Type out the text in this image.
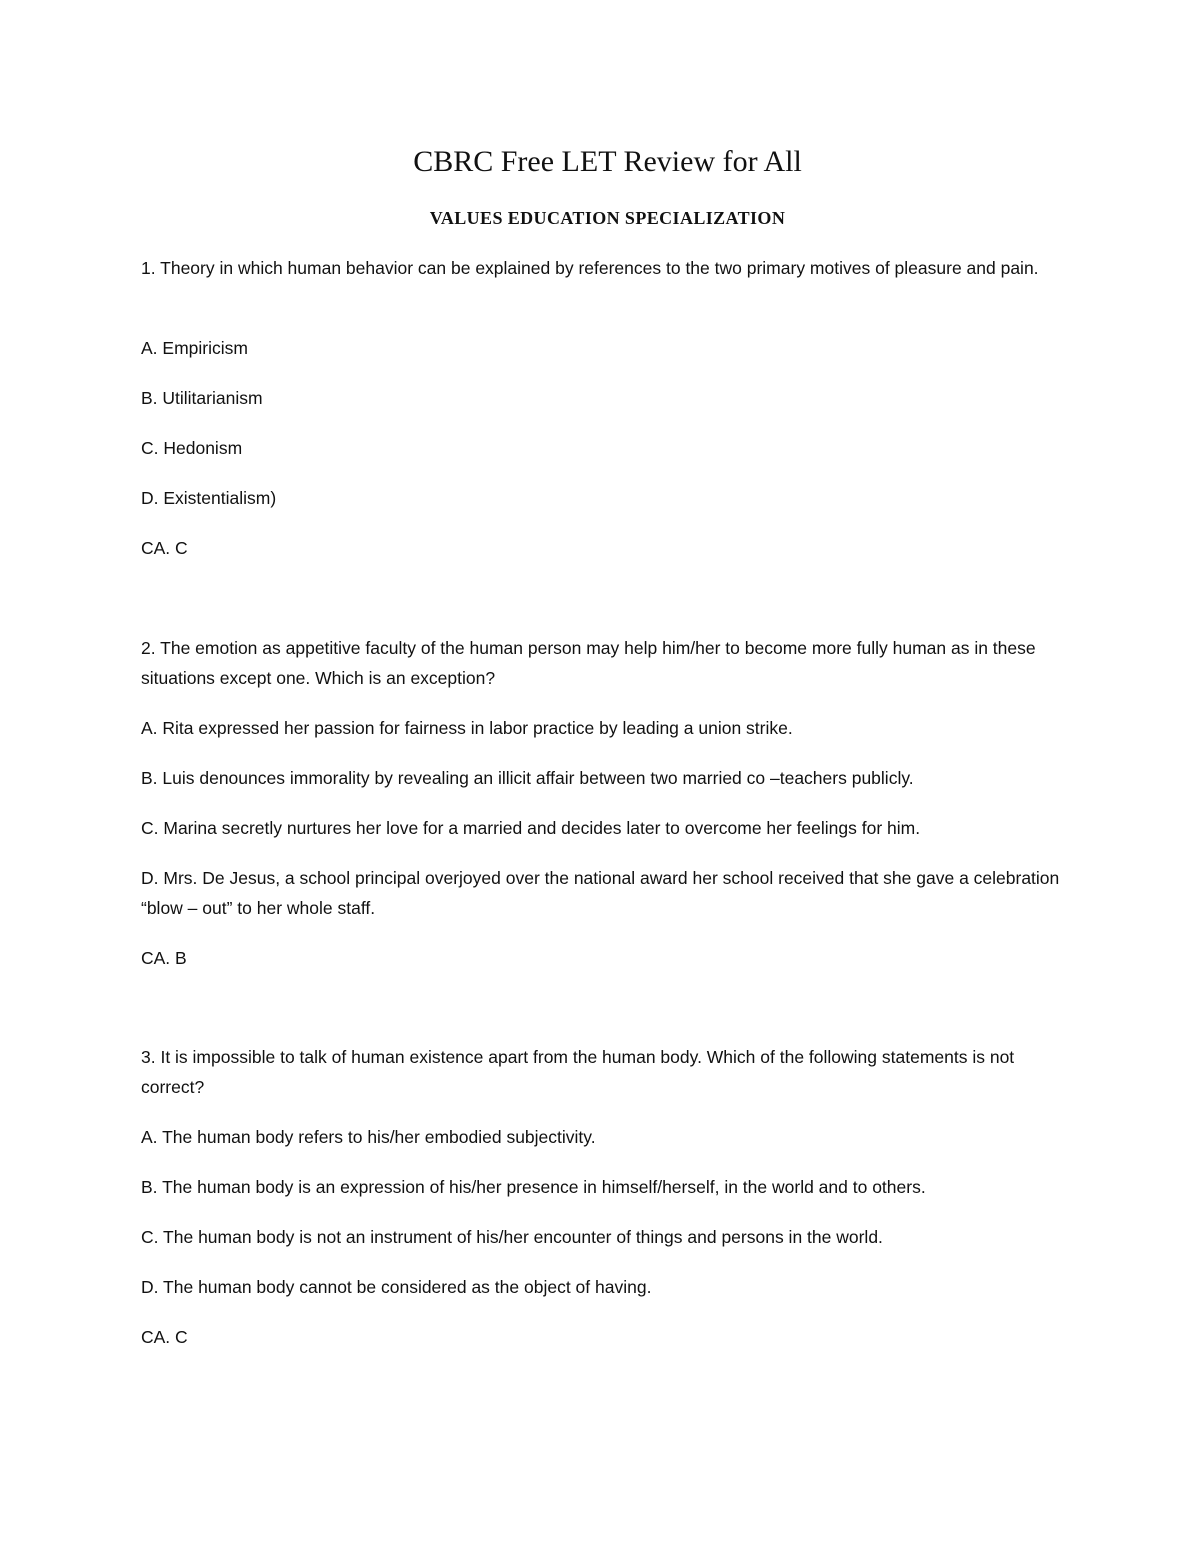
CBRC Free LET Review for All
VALUES EDUCATION SPECIALIZATION

1. Theory in which human behavior can be explained by references to the two primary motives of pleasure and pain.

A. Empiricism

B. Utilitarianism

C. Hedonism

D. Existentialism)

CA. C

2. The emotion as appetitive faculty of the human person may help him/her to become more fully human as in these situations except one. Which is an exception?

A. Rita expressed her passion for fairness in labor practice by leading a union strike.

B. Luis denounces immorality by revealing an illicit affair between two married co –teachers publicly.

C. Marina secretly nurtures her love for a married and decides later to overcome her feelings for him.

D. Mrs. De Jesus, a school principal overjoyed over the national award her school received that she gave a celebration “blow – out” to her whole staff.

CA. B

3. It is impossible to talk of human existence apart from the human body. Which of the following statements is not correct?

A. The human body refers to his/her embodied subjectivity.

B. The human body is an expression of his/her presence in himself/herself, in the world and to others.

C. The human body is not an instrument of his/her encounter of things and persons in the world.

D. The human body cannot be considered as the object of having.

CA. C
